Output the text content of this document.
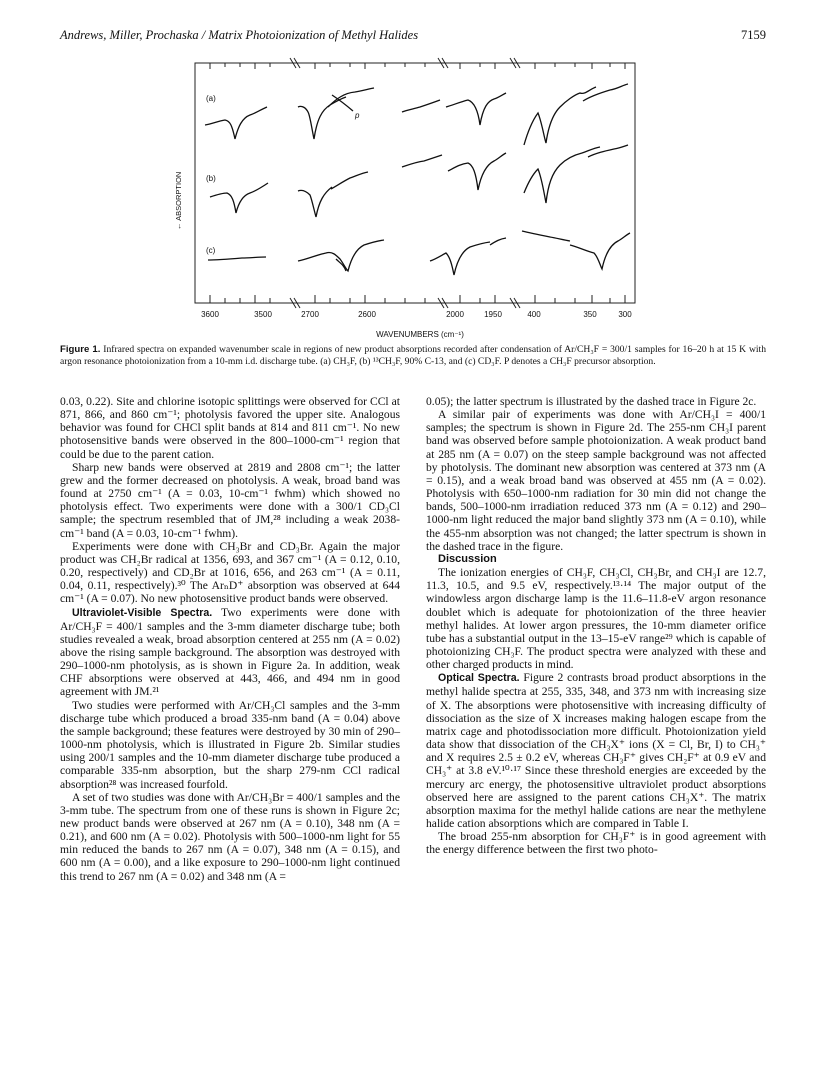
Andrews, Miller, Prochaska / Matrix Photoionization of Methyl Halides	7159
3600	3500	2700	2600	2000	1950	400	350	300
WAVENUMBERS (cm⁻¹)
← ABSORPTION
(a)
(b)
(c)
p
Figure 1. Infrared spectra on expanded wavenumber scale in regions of new product absorptions recorded after condensation of Ar/CH₃F = 300/1 samples for 16–20 h at 15 K with argon resonance photoionization from a 10-mm i.d. discharge tube. (a) CH₃F, (b) ¹³CH₃F, 90% C-13, and (c) CD₃F. P denotes a CH₃F precursor absorption.

0.03, 0.22). Site and chlorine isotopic splittings were observed for CCl at 871, 866, and 860 cm⁻¹; photolysis favored the upper site. Analogous behavior was found for CHCl split bands at 814 and 811 cm⁻¹. No new photosensitive bands were observed in the 800–1000-cm⁻¹ region that could be due to the parent cation.

Sharp new bands were observed at 2819 and 2808 cm⁻¹; the latter grew and the former decreased on photolysis. A weak, broad band was found at 2750 cm⁻¹ (A = 0.03, 10-cm⁻¹ fwhm) which showed no photolysis effect. Two experiments were done with a 300/1 CD₃Cl sample; the spectrum resembled that of JM,²⁸ including a weak 2038-cm⁻¹ band (A = 0.03, 10-cm⁻¹ fwhm).

Experiments were done with CH₃Br and CD₃Br. Again the major product was CH₂Br radical at 1356, 693, and 367 cm⁻¹ (A = 0.12, 0.10, 0.20, respectively) and CD₂Br at 1016, 656, and 263 cm⁻¹ (A = 0.11, 0.04, 0.11, respectively).³⁰ The ArₙD⁺ absorption was observed at 644 cm⁻¹ (A = 0.07). No new photosensitive product bands were observed.

Ultraviolet-Visible Spectra. Two experiments were done with Ar/CH₃F = 400/1 samples and the 3-mm diameter discharge tube; both studies revealed a weak, broad absorption centered at 255 nm (A = 0.02) above the rising sample background. The absorption was destroyed with 290–1000-nm photolysis, as is shown in Figure 2a. In addition, weak CHF absorptions were observed at 443, 466, and 494 nm in good agreement with JM.²¹

Two studies were performed with Ar/CH₃Cl samples and the 3-mm discharge tube which produced a broad 335-nm band (A = 0.04) above the sample background; these features were destroyed by 30 min of 290–1000-nm photolysis, which is illustrated in Figure 2b. Similar studies using 200/1 samples and the 10-mm diameter discharge tube produced a comparable 335-nm absorption, but the sharp 279-nm CCl radical absorption²⁸ was increased fourfold.

A set of two studies was done with Ar/CH₃Br = 400/1 samples and the 3-mm tube. The spectrum from one of these runs is shown in Figure 2c; new product bands were observed at 267 nm (A = 0.10), 348 nm (A = 0.21), and 600 nm (A = 0.02). Photolysis with 500–1000-nm light for 55 min reduced the bands to 267 nm (A = 0.07), 348 nm (A = 0.15), and 600 nm (A = 0.00), and a like exposure to 290–1000-nm light continued this trend to 267 nm (A = 0.02) and 348 nm (A =

0.05); the latter spectrum is illustrated by the dashed trace in Figure 2c.

A similar pair of experiments was done with Ar/CH₃I = 400/1 samples; the spectrum is shown in Figure 2d. The 255-nm CH₃I parent band was observed before sample photoionization. A weak product band at 285 nm (A = 0.07) on the steep sample background was not affected by photolysis. The dominant new absorption was centered at 373 nm (A = 0.15), and a weak broad band was observed at 455 nm (A = 0.02). Photolysis with 650–1000-nm radiation for 30 min did not change the bands, 500–1000-nm irradiation reduced 373 nm (A = 0.12) and 290–1000-nm light reduced the major band slightly 373 nm (A = 0.10), while the 455-nm absorption was not changed; the latter spectrum is shown in the dashed trace in the figure.

Discussion

The ionization energies of CH₃F, CH₃Cl, CH₃Br, and CH₃I are 12.7, 11.3, 10.5, and 9.5 eV, respectively.¹³·¹⁴ The major output of the windowless argon discharge lamp is the 11.6–11.8-eV argon resonance doublet which is adequate for photoionization of the three heavier methyl halides. At lower argon pressures, the 10-mm diameter orifice tube has a substantial output in the 13–15-eV range²⁹ which is capable of photoionizing CH₃F. The product spectra were analyzed with these and other charged products in mind.

Optical Spectra. Figure 2 contrasts broad product absorptions in the methyl halide spectra at 255, 335, 348, and 373 nm with increasing size of X. The absorptions were photosensitive with increasing difficulty of dissociation as the size of X increases making halogen escape from the matrix cage and photodissociation more difficult. Photoionization yield data show that dissociation of the CH₃X⁺ ions (X = Cl, Br, I) to CH₃⁺ and X requires 2.5 ± 0.2 eV, whereas CH₃F⁺ gives CH₂F⁺ at 0.9 eV and CH₃⁺ at 3.8 eV.¹⁰·¹⁷ Since these threshold energies are exceeded by the mercury arc energy, the photosensitive ultraviolet product absorptions observed here are assigned to the parent cations CH₃X⁺. The matrix absorption maxima for the methyl halide cations are near the methylene halide cation absorptions which are compared in Table I.

The broad 255-nm absorption for CH₃F⁺ is in good agreement with the energy difference between the first two photo-
